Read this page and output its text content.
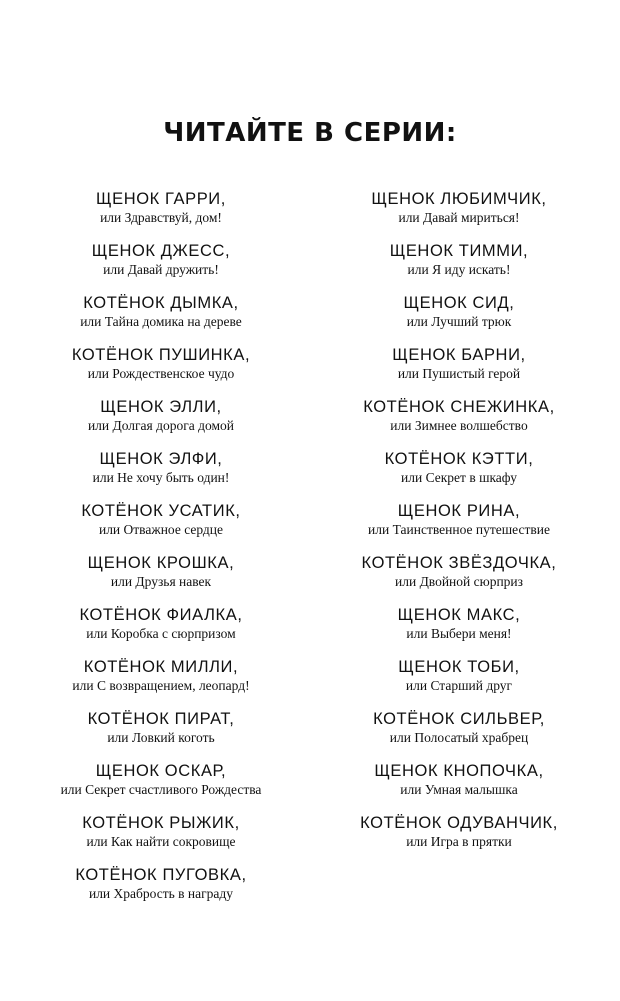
ЧИТАЙТЕ В СЕРИИ:
ЩЕНОК ГАРРИ,
или Здравствуй, дом!
ЩЕНОК ДЖЕСС,
или Давай дружить!
КОТЁНОК ДЫМКА,
или Тайна домика на дереве
КОТЁНОК ПУШИНКА,
или Рождественское чудо
ЩЕНОК ЭЛЛИ,
или Долгая дорога домой
ЩЕНОК ЭЛФИ,
или Не хочу быть один!
КОТЁНОК УСАТИК,
или Отважное сердце
ЩЕНОК КРОШКА,
или Друзья навек
КОТЁНОК ФИАЛКА,
или Коробка с сюрпризом
КОТЁНОК МИЛЛИ,
или С возвращением, леопард!
КОТЁНОК ПИРАТ,
или Ловкий коготь
ЩЕНОК ОСКАР,
или Секрет счастливого Рождества
КОТЁНОК РЫЖИК,
или Как найти сокровище
КОТЁНОК ПУГОВКА,
или Храбрость в награду
ЩЕНОК ЛЮБИМЧИК,
или Давай мириться!
ЩЕНОК ТИММИ,
или Я иду искать!
ЩЕНОК СИД,
или Лучший трюк
ЩЕНОК БАРНИ,
или Пушистый герой
КОТЁНОК СНЕЖИНКА,
или Зимнее волшебство
КОТЁНОК КЭТТИ,
или Секрет в шкафу
ЩЕНОК РИНА,
или Таинственное путешествие
КОТЁНОК ЗВЁЗДОЧКА,
или Двойной сюрприз
ЩЕНОК МАКС,
или Выбери меня!
ЩЕНОК ТОБИ,
или Старший друг
КОТЁНОК СИЛЬВЕР,
или Полосатый храбрец
ЩЕНОК КНОПОЧКА,
или Умная малышка
КОТЁНОК ОДУВАНЧИК,
или Игра в прятки
